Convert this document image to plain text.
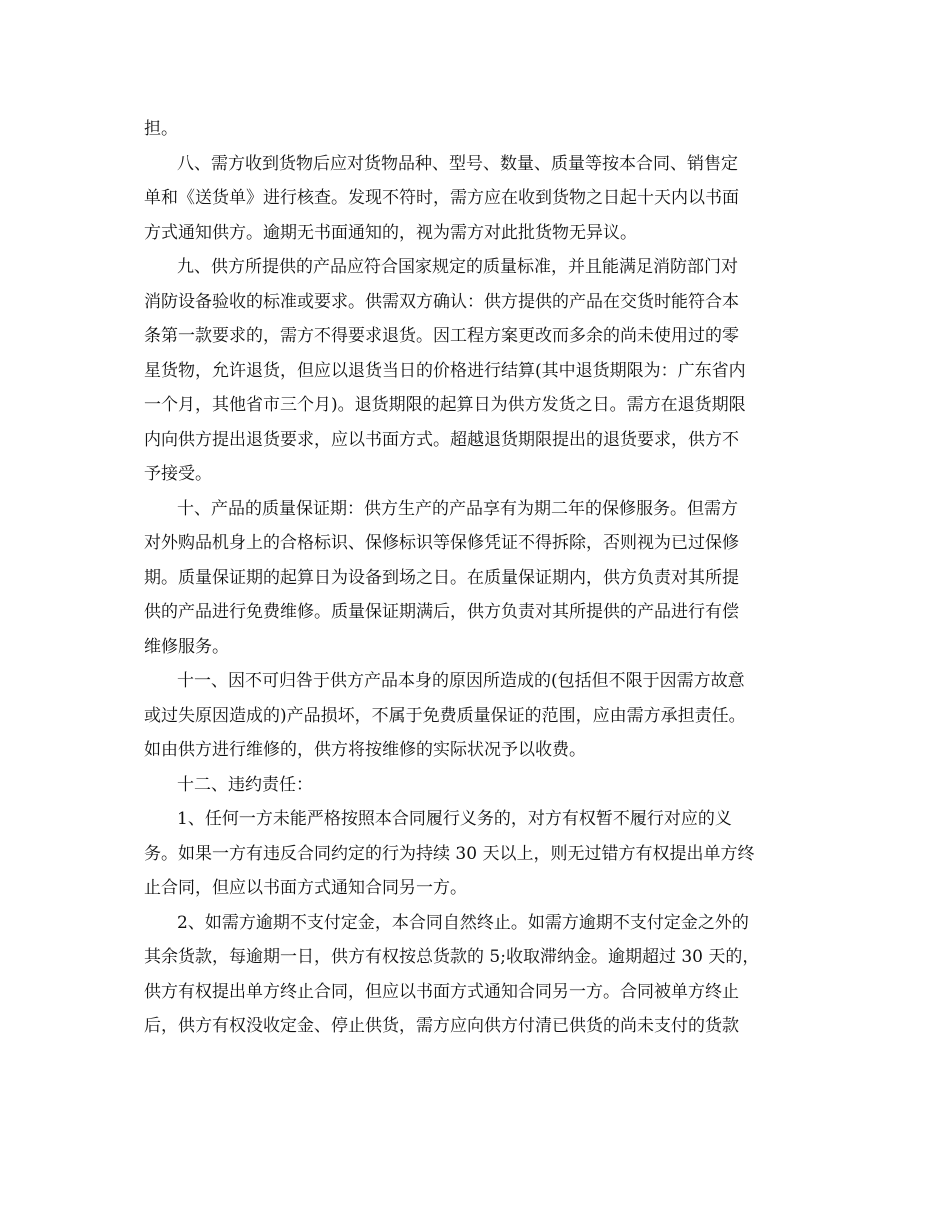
担。
八、需方收到货物后应对货物品种、型号、数量、质量等按本合同、销售定
单和《送货单》进行核查。发现不符时，需方应在收到货物之日起十天内以书面
方式通知供方。逾期无书面通知的，视为需方对此批货物无异议。
九、供方所提供的产品应符合国家规定的质量标准，并且能满足消防部门对
消防设备验收的标准或要求。供需双方确认：供方提供的产品在交货时能符合本
条第一款要求的，需方不得要求退货。因工程方案更改而多余的尚未使用过的零
星货物，允许退货，但应以退货当日的价格进行结算(其中退货期限为：广东省内
一个月，其他省市三个月)。退货期限的起算日为供方发货之日。需方在退货期限
内向供方提出退货要求，应以书面方式。超越退货期限提出的退货要求，供方不
予接受。
十、产品的质量保证期：供方生产的产品享有为期二年的保修服务。但需方
对外购品机身上的合格标识、保修标识等保修凭证不得拆除，否则视为已过保修
期。质量保证期的起算日为设备到场之日。在质量保证期内，供方负责对其所提
供的产品进行免费维修。质量保证期满后，供方负责对其所提供的产品进行有偿
维修服务。
十一、因不可归咎于供方产品本身的原因所造成的(包括但不限于因需方故意
或过失原因造成的)产品损坏，不属于免费质量保证的范围，应由需方承担责任。
如由供方进行维修的，供方将按维修的实际状况予以收费。
十二、违约责任：
1、任何一方未能严格按照本合同履行义务的，对方有权暂不履行对应的义
务。如果一方有违反合同约定的行为持续 30 天以上，则无过错方有权提出单方终
止合同，但应以书面方式通知合同另一方。
2、如需方逾期不支付定金，本合同自然终止。如需方逾期不支付定金之外的
其余货款，每逾期一日，供方有权按总货款的 5;收取滞纳金。逾期超过 30 天的，
供方有权提出单方终止合同，但应以书面方式通知合同另一方。合同被单方终止
后，供方有权没收定金、停止供货，需方应向供方付清已供货的尚未支付的货款
